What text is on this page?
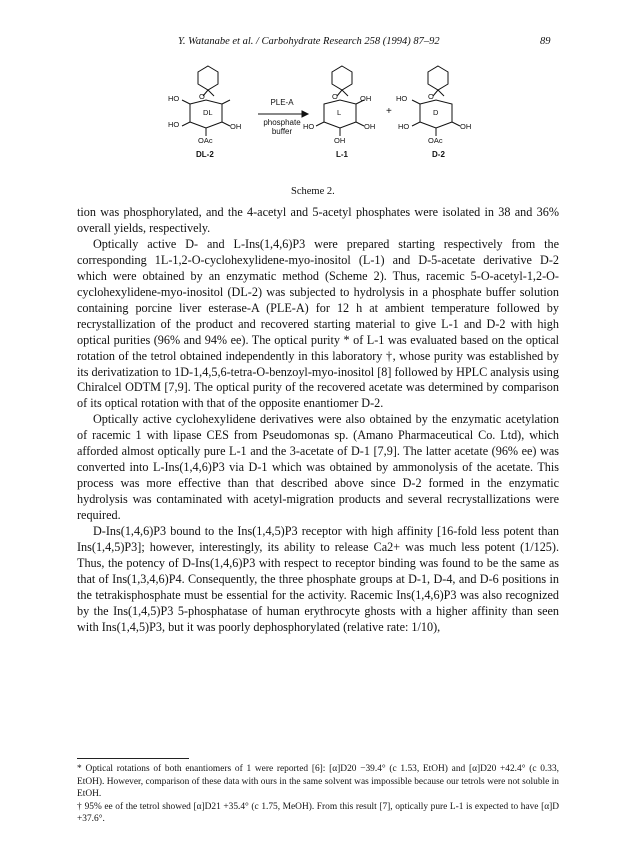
Y. Watanabe et al. / Carbohydrate Research 258 (1994) 87–92	89
O
HO
DL
HO	OH
OAc
DL-2
PLE-A
phosphate
buffer
O	OH
L
HO	OH
OH
L-1
+
O
HO
D
HO	OH
OAc
D-2
Scheme 2.

tion was phosphorylated, and the 4-acetyl and 5-acetyl phosphates were isolated in 38 and 36% overall yields, respectively.

Optically active D- and L-Ins(1,4,6)P3 were prepared starting respectively from the corresponding 1L-1,2-O-cyclohexylidene-myo-inositol (L-1) and D-5-acetate derivative D-2 which were obtained by an enzymatic method (Scheme 2). Thus, racemic 5-O-acetyl-1,2-O-cyclohexylidene-myo-inositol (DL-2) was subjected to hydrolysis in a phosphate buffer solution containing porcine liver esterase-A (PLE-A) for 12 h at ambient temperature followed by recrystallization of the product and recovered starting material to give L-1 and D-2 with high optical purities (96% and 94% ee). The optical purity * of L-1 was evaluated based on the optical rotation of the tetrol obtained independently in this laboratory †, whose purity was established by its derivatization to 1D-1,4,5,6-tetra-O-benzoyl-myo-inositol [8] followed by HPLC analysis using Chiralcel ODTM [7,9]. The optical purity of the recovered acetate was determined by comparison of its optical rotation with that of the opposite enantiomer D-2.

Optically active cyclohexylidene derivatives were also obtained by the enzymatic acetylation of racemic 1 with lipase CES from Pseudomonas sp. (Amano Pharmaceutical Co. Ltd), which afforded almost optically pure L-1 and the 3-acetate of D-1 [7,9]. The latter acetate (96% ee) was converted into L-Ins(1,4,6)P3 via D-1 which was obtained by ammonolysis of the acetate. This process was more effective than that described above since D-2 formed in the enzymatic hydrolysis was contaminated with acetyl-migration products and several recrystallizations were required.

D-Ins(1,4,6)P3 bound to the Ins(1,4,5)P3 receptor with high affinity [16-fold less potent than Ins(1,4,5)P3]; however, interestingly, its ability to release Ca2+ was much less potent (1/125). Thus, the potency of D-Ins(1,4,6)P3 with respect to receptor binding was found to be the same as that of Ins(1,3,4,6)P4. Consequently, the three phosphate groups at D-1, D-4, and D-6 positions in the tetrakisphosphate must be essential for the activity. Racemic Ins(1,4,6)P3 was also recognized by the Ins(1,4,5)P3 5-phosphatase of human erythrocyte ghosts with a higher affinity than seen with Ins(1,4,5)P3, but it was poorly dephosphorylated (relative rate: 1/10),

* Optical rotations of both enantiomers of 1 were reported [6]: [α]D20 −39.4° (c 1.53, EtOH) and [α]D20 +42.4° (c 0.33, EtOH). However, comparison of these data with ours in the same solvent was impossible because our tetrols were not soluble in EtOH.

† 95% ee of the tetrol showed [α]D21 +35.4° (c 1.75, MeOH). From this result [7], optically pure L-1 is expected to have [α]D +37.6°.
